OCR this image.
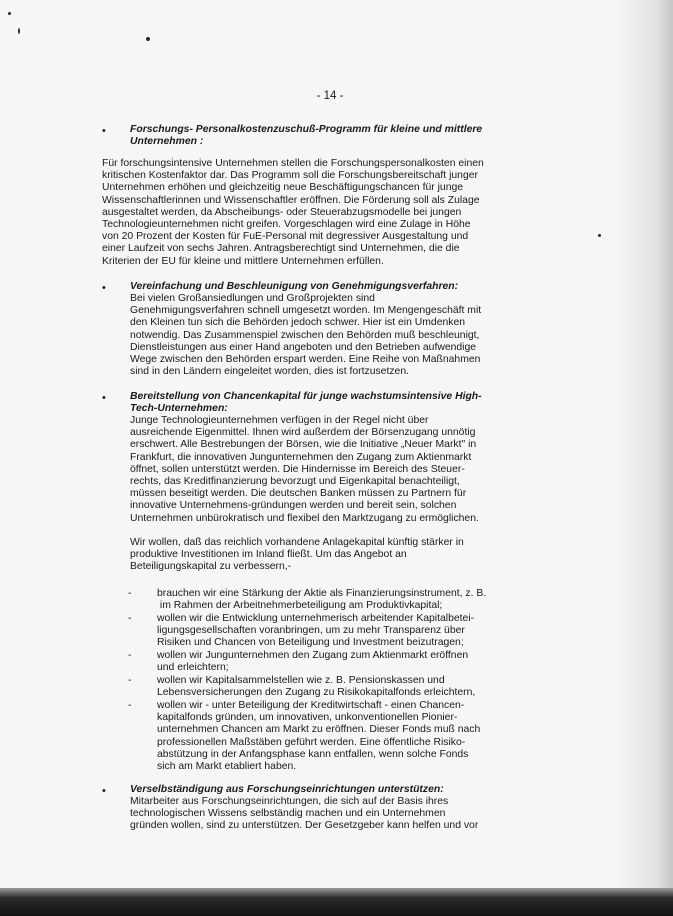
- 14 -
• Forschungs- Personalkostenzuschuß-Programm für kleine und mittlere

Unternehmen :

Für forschungsintensive Unternehmen stellen die Forschungspersonalkosten einen

kritischen Kostenfaktor dar. Das Programm soll die Forschungsbereitschaft junger

Unternehmen erhöhen und gleichzeitig neue Beschäftigungschancen für junge

Wissenschaftlerinnen und Wissenschaftler eröffnen. Die Förderung soll als Zulage

ausgestaltet werden, da Abscheibungs- oder Steuerabzugsmodelle bei jungen

Technologieunternehmen nicht greifen. Vorgeschlagen wird eine Zulage in Höhe

von 20 Prozent der Kosten für FuE-Personal mit degressiver Ausgestaltung und

einer Laufzeit von sechs Jahren. Antragsberechtigt sind Unternehmen, die die

Kriterien der EU für kleine und mittlere Unternehmen erfüllen.

• Vereinfachung und Beschleunigung von Genehmigungsverfahren:

Bei vielen Großansiedlungen und Großprojekten sind

Genehmigungsverfahren schnell umgesetzt worden. Im Mengengeschäft mit

den Kleinen tun sich die Behörden jedoch schwer. Hier ist ein Umdenken

notwendig. Das Zusammenspiel zwischen den Behörden muß beschleunigt,

Dienstleistungen aus einer Hand angeboten und den Betrieben aufwendige

Wege zwischen den Behörden erspart werden. Eine Reihe von Maßnahmen

sind in den Ländern eingeleitet worden, dies ist fortzusetzen.

• Bereitstellung von Chancenkapital für junge wachstumsintensive High-

Tech-Unternehmen:

Junge Technologieunternehmen verfügen in der Regel nicht über

ausreichende Eigenmittel. Ihnen wird außerdem der Börsenzugang unnötig

erschwert. Alle Bestrebungen der Börsen, wie die Initiative „Neuer Markt" in

Frankfurt, die innovativen Jungunternehmen den Zugang zum Aktienmarkt

öffnet, sollen unterstützt werden. Die Hindernisse im Bereich des Steuer-

rechts, das Kreditfinanzierung bevorzugt und Eigenkapital benachteiligt,

müssen beseitigt werden. Die deutschen Banken müssen zu Partnern für

innovative Unternehmens-gründungen werden und bereit sein, solchen

Unternehmen unbürokratisch und flexibel den Marktzugang zu ermöglichen.

Wir wollen, daß das reichlich vorhandene Anlagekapital künftig stärker in

produktive Investitionen im Inland fließt. Um das Angebot an

Beteiligungskapital zu verbessern,-

- brauchen wir eine Stärkung der Aktie als Finanzierungsinstrument, z. B.

im Rahmen der Arbeitnehmerbeteiligung am Produktivkapital;

- wollen wir die Entwicklung unternehmerisch arbeitender Kapitalbetei-

ligungsgesellschaften voranbringen, um zu mehr Transparenz über

Risiken und Chancen von Beteiligung und Investment beizutragen;

- wollen wir Jungunternehmen den Zugang zum Aktienmarkt eröffnen

und erleichtern;

- wollen wir Kapitalsammelstellen wie z. B. Pensionskassen und

Lebensversicherungen den Zugang zu Risikokapitalfonds erleichtern,

- wollen wir - unter Beteiligung der Kreditwirtschaft - einen Chancen-

kapitalfonds gründen, um innovativen, unkonventionellen Pionier-

unternehmen Chancen am Markt zu eröffnen. Dieser Fonds muß nach

professionellen Maßstäben geführt werden. Eine öffentliche Risiko-

abstützung in der Anfangsphase kann entfallen, wenn solche Fonds

sich am Markt etabliert haben.

• Verselbständigung aus Forschungseinrichtungen unterstützen:

Mitarbeiter aus Forschungseinrichtungen, die sich auf der Basis ihres

technologischen Wissens selbständig machen und ein Unternehmen

gründen wollen, sind zu unterstützen. Der Gesetzgeber kann helfen und vor
